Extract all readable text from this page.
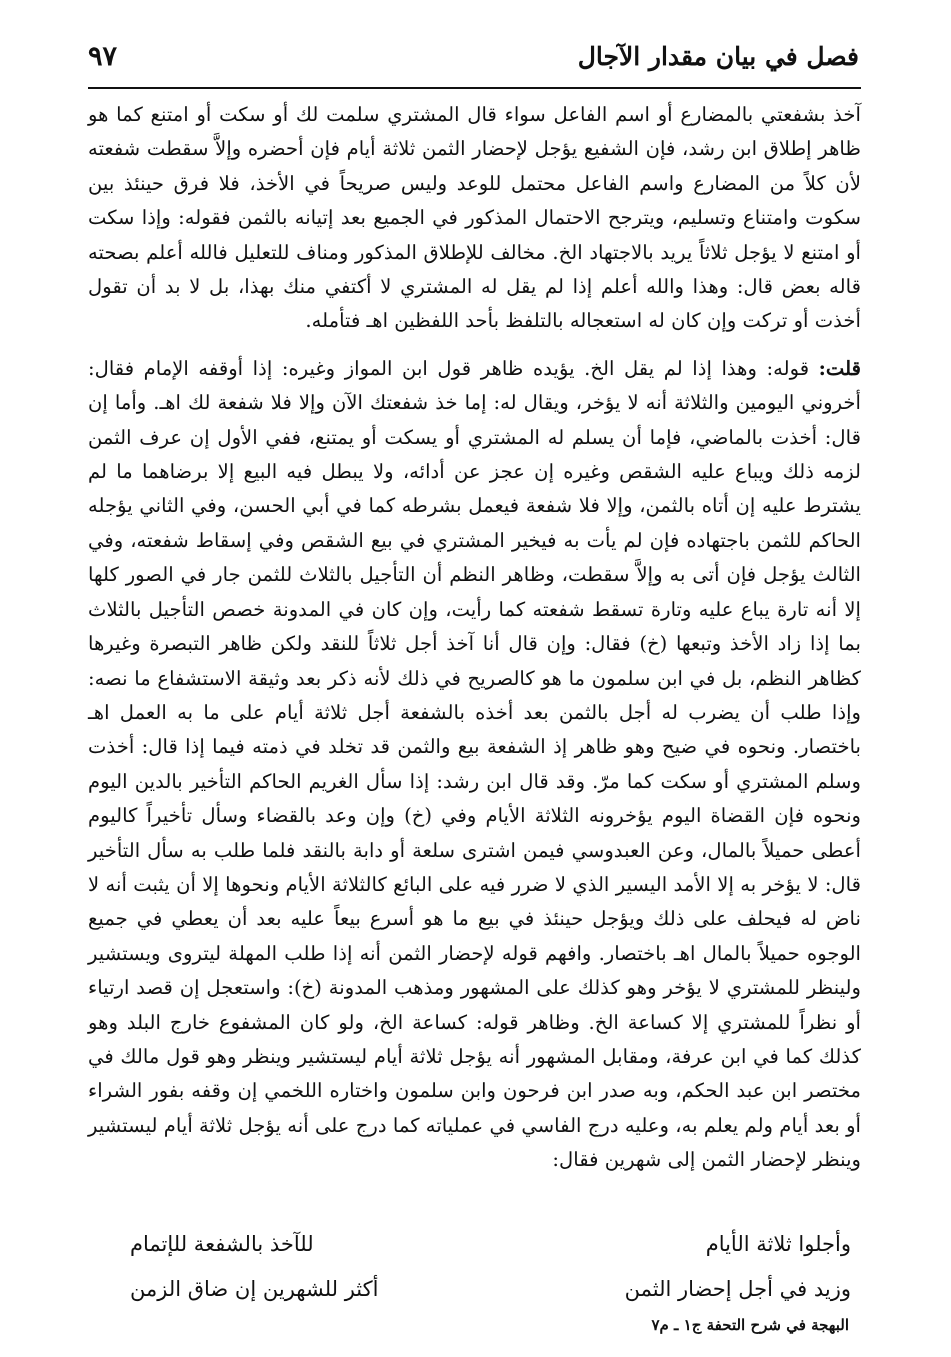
فصل في بيان مقدار الآجال
٩٧

آخذ بشفعتي بالمضارع أو اسم الفاعل سواء قال المشتري سلمت لك أو سكت أو امتنع كما هو ظاهر إطلاق ابن رشد، فإن الشفيع يؤجل لإحضار الثمن ثلاثة أيام فإن أحضره وإلاَّ سقطت شفعته لأن كلاً من المضارع واسم الفاعل محتمل للوعد وليس صريحاً في الأخذ، فلا فرق حينئذ بين سكوت وامتناع وتسليم، ويترجح الاحتمال المذكور في الجميع بعد إتيانه بالثمن فقوله: وإذا سكت أو امتنع لا يؤجل ثلاثاً يريد بالاجتهاد الخ. مخالف للإطلاق المذكور ومناف للتعليل فالله أعلم بصحته قاله بعض قال: وهذا والله أعلم إذا لم يقل له المشتري لا أكتفي منك بهذا، بل لا بد أن تقول أخذت أو تركت وإن كان له استعجاله بالتلفظ بأحد اللفظين اهـ فتأمله.

قلت: قوله: وهذا إذا لم يقل الخ. يؤيده ظاهر قول ابن المواز وغيره: إذا أوقفه الإمام فقال: أخروني اليومين والثلاثة أنه لا يؤخر، ويقال له: إما خذ شفعتك الآن وإلا فلا شفعة لك اهـ. وأما إن قال: أخذت بالماضي، فإما أن يسلم له المشتري أو يسكت أو يمتنع، ففي الأول إن عرف الثمن لزمه ذلك ويباع عليه الشقص وغيره إن عجز عن أدائه، ولا يبطل فيه البيع إلا برضاهما ما لم يشترط عليه إن أتاه بالثمن، وإلا فلا شفعة فيعمل بشرطه كما في أبي الحسن، وفي الثاني يؤجله الحاكم للثمن باجتهاده فإن لم يأت به فيخير المشتري في بيع الشقص وفي إسقاط شفعته، وفي الثالث يؤجل فإن أتى به وإلاَّ سقطت، وظاهر النظم أن التأجيل بالثلاث للثمن جار في الصور كلها إلا أنه تارة يباع عليه وتارة تسقط شفعته كما رأيت، وإن كان في المدونة خصص التأجيل بالثلاث بما إذا زاد الأخذ وتبعها (خ) فقال: وإن قال أنا آخذ أجل ثلاثاً للنقد ولكن ظاهر التبصرة وغيرها كظاهر النظم، بل في ابن سلمون ما هو كالصريح في ذلك لأنه ذكر بعد وثيقة الاستشفاع ما نصه: وإذا طلب أن يضرب له أجل بالثمن بعد أخذه بالشفعة أجل ثلاثة أيام على ما به العمل اهـ باختصار. ونحوه في ضيح وهو ظاهر إذ الشفعة بيع والثمن قد تخلد في ذمته فيما إذا قال: أخذت وسلم المشتري أو سكت كما مرّ. وقد قال ابن رشد: إذا سأل الغريم الحاكم التأخير بالدين اليوم ونحوه فإن القضاة اليوم يؤخرونه الثلاثة الأيام وفي (خ) وإن وعد بالقضاء وسأل تأخيراً كاليوم أعطى حميلاً بالمال، وعن العبدوسي فيمن اشترى سلعة أو دابة بالنقد فلما طلب به سأل التأخير قال: لا يؤخر به إلا الأمد اليسير الذي لا ضرر فيه على البائع كالثلاثة الأيام ونحوها إلا أن يثبت أنه لا ناض له فيحلف على ذلك ويؤجل حينئذ في بيع ما هو أسرع بيعاً عليه بعد أن يعطي في جميع الوجوه حميلاً بالمال اهـ باختصار. وافهم قوله لإحضار الثمن أنه إذا طلب المهلة ليتروى ويستشير ولينظر للمشتري لا يؤخر وهو كذلك على المشهور ومذهب المدونة (خ): واستعجل إن قصد ارتياء أو نظراً للمشتري إلا كساعة الخ. وظاهر قوله: كساعة الخ، ولو كان المشفوع خارج البلد وهو كذلك كما في ابن عرفة، ومقابل المشهور أنه يؤجل ثلاثة أيام ليستشير وينظر وهو قول مالك في مختصر ابن عبد الحكم، وبه صدر ابن فرحون وابن سلمون واختاره اللخمي إن وقفه بفور الشراء أو بعد أيام ولم يعلم به، وعليه درج الفاسي في عملياته كما درج على أنه يؤجل ثلاثة أيام ليستشير وينظر لإحضار الثمن إلى شهرين فقال:

وأجلوا ثلاثة الأيام
للآخذ بالشفعة للإتمام
وزيد في أجل إحضار الثمن
أكثر للشهرين إن ضاق الزمن
البهجة في شرح التحفة ج١ ـ م٧
